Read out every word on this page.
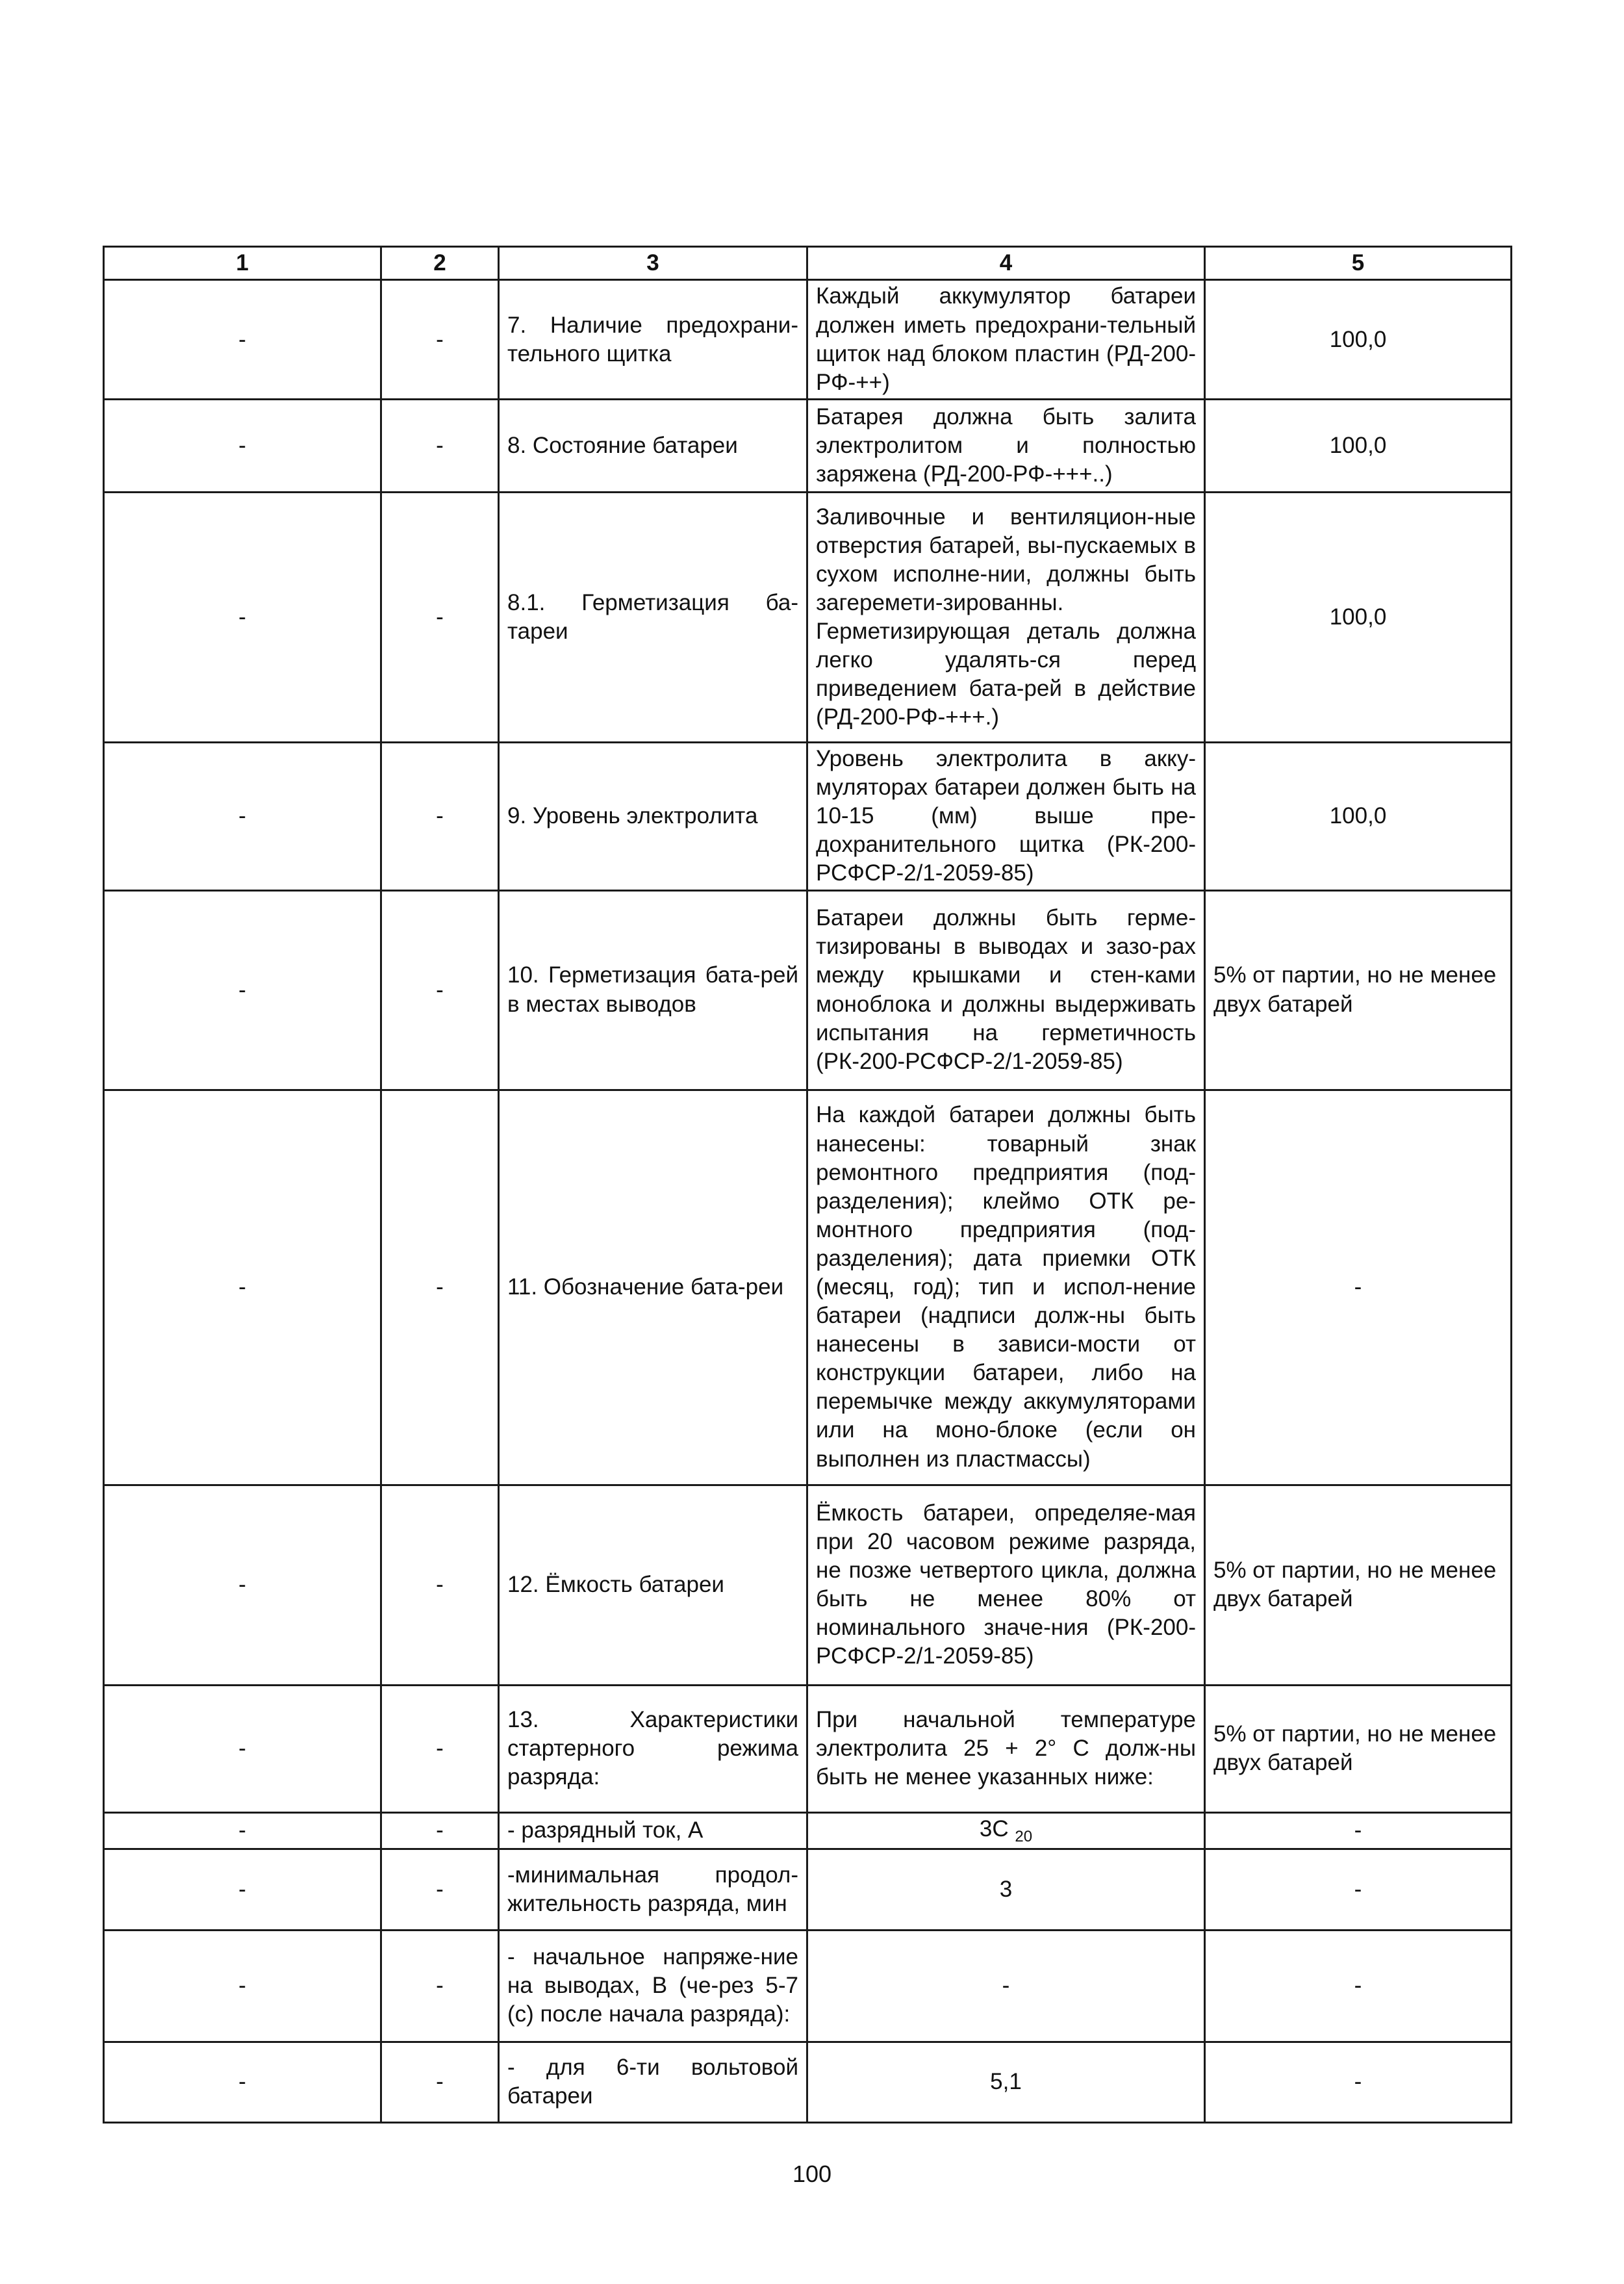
1	2	3	4	5
-	-	7. Наличие предохрани-тельного щитка	Каждый аккумулятор батареи должен иметь предохрани-тельный щиток над блоком пластин (РД-200-РФ-++)	100,0
-	-	8. Состояние батареи	Батарея должна быть залита электролитом и полностью заряжена (РД-200-РФ-+++..)	100,0
-	-	8.1. Герметизация ба-тареи	Заливочные и вентиляцион-ные отверстия батарей, вы-пускаемых в сухом исполне-нии, должны быть загеремети-зированны. Герметизирующая деталь должна легко удалять-ся перед приведением бата-рей в действие (РД-200-РФ-+++.)	100,0
-	-	9. Уровень электролита	Уровень электролита в акку-муляторах батареи должен быть на 10-15 (мм) выше пре-дохранительного щитка (РК-200-РСФСР-2/1-2059-85)	100,0
-	-	10. Герметизация бата-рей в местах выводов	Батареи должны быть герме-тизированы в выводах и зазо-рах между крышками и стен-ками моноблока и должны выдерживать испытания на герметичность (РК-200-РСФСР-2/1-2059-85)	5% от партии, но не менее двух батарей
-	-	11. Обозначение бата-реи	На каждой батареи должны быть нанесены: товарный знак ремонтного предприятия (под-разделения); клеймо ОТК ре-монтного предприятия (под-разделения); дата приемки ОТК (месяц, год); тип и испол-нение батареи (надписи долж-ны быть нанесены в зависи-мости от конструкции батареи, либо на перемычке между аккумуляторами или на моно-блоке (если он выполнен из пластмассы)	-
-	-	12. Ёмкость батареи	Ёмкость батареи, определяе-мая при 20 часовом режиме разряда, не позже четвертого цикла, должна быть не менее 80% от номинального значе-ния (РК-200-РСФСР-2/1-2059-85)	5% от партии, но не менее двух батарей
-	-	13. Характеристики стартерного режима разряда:	При начальной температуре электролита 25 + 2° С долж-ны быть не менее указанных ниже:	5% от партии, но не менее двух батарей
-	-	- разрядный ток, А	3С $_{20}$	-
-	-	-минимальная продол-жительность разряда, мин	3	-
-	-	- начальное напряже-ние на выводах, В (че-рез 5-7 (с) после начала разряда):	-	-
-	-	- для 6-ти вольтовой батареи	5,1	-
100
